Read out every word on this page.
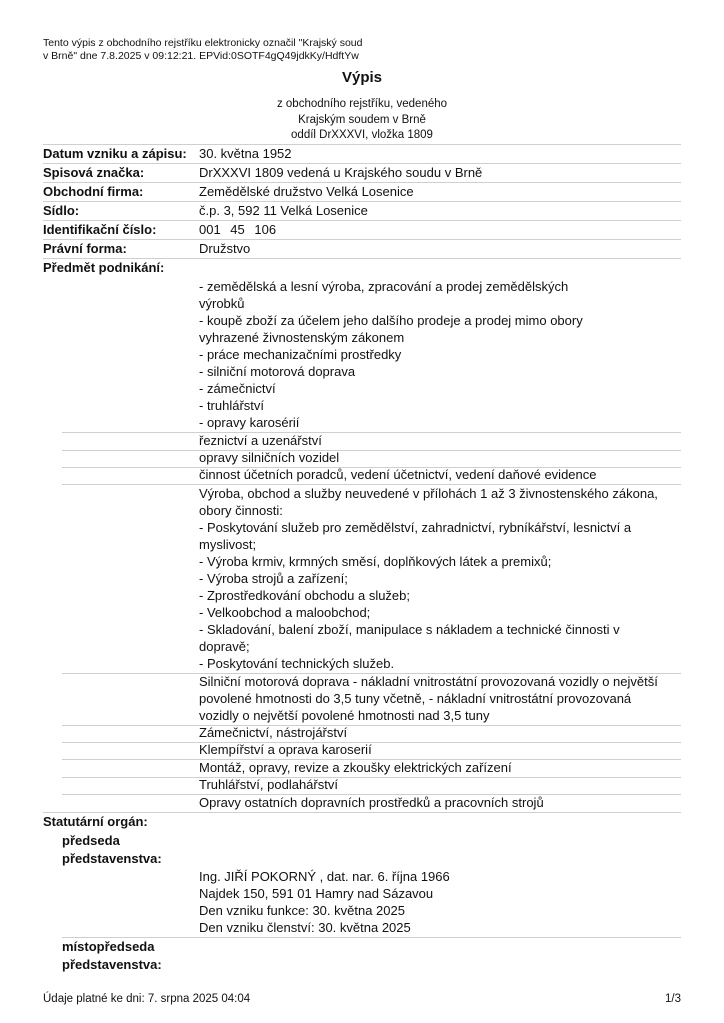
Tento výpis z obchodního rejstříku elektronicky označil "Krajský soud
v Brně" dne 7.8.2025 v 09:12:21. EPVid:0SOTF4gQ49jdkKy/HdftYw
Výpis
z obchodního rejstříku, vedeného
Krajským soudem v Brně
oddíl DrXXXVI, vložka 1809
Datum vzniku a zápisu: 30. května 1952
Spisová značka:	DrXXXVI 1809 vedená u Krajského soudu v Brně
Obchodní firma:	Zemědělské družstvo Velká Losenice
Sídlo:	č.p. 3, 592 11 Velká Losenice
Identifikační číslo:	001 45 106
Právní forma:	Družstvo
Předmět podnikání:
- zemědělská a lesní výroba, zpracování a prodej zemědělských
výrobků
- koupě zboží za účelem jeho dalšího prodeje a prodej mimo obory
vyhrazené živnostenským zákonem
- práce mechanizačními prostředky
- silniční motorová doprava
- zámečnictví
- truhlářství
- opravy karosérií
řeznictví a uzenářství
opravy silničních vozidel
činnost účetních poradců, vedení účetnictví, vedení daňové evidence
Výroba, obchod a služby neuvedené v přílohách 1 až 3 živnostenského zákona,
obory činnosti:
- Poskytování služeb pro zemědělství, zahradnictví, rybníkářství, lesnictví a
myslivost;
- Výroba krmiv, krmných směsí, doplňkových látek a premixů;
- Výroba strojů a zařízení;
- Zprostředkování obchodu a služeb;
- Velkoobchod a maloobchod;
- Skladování, balení zboží, manipulace s nákladem a technické činnosti v
dopravě;
- Poskytování technických služeb.
Silniční motorová doprava - nákladní vnitrostátní provozovaná vozidly o největší
povolené hmotnosti do 3,5 tuny včetně, - nákladní vnitrostátní provozovaná
vozidly o největší povolené hmotnosti nad 3,5 tuny
Zámečnictví, nástrojářství
Klempířství a oprava karoserií
Montáž, opravy, revize a zkoušky elektrických zařízení
Truhlářství, podlahářství
Opravy ostatních dopravních prostředků a pracovních strojů
Statutární orgán:
předseda
představenstva:
Ing. JIŘÍ POKORNÝ , dat. nar. 6. října 1966
Najdek 150, 591 01 Hamry nad Sázavou
Den vzniku funkce: 30. května 2025
Den vzniku členství: 30. května 2025
místopředseda
představenstva:
Údaje platné ke dni: 7. srpna 2025 04:04	1/3
